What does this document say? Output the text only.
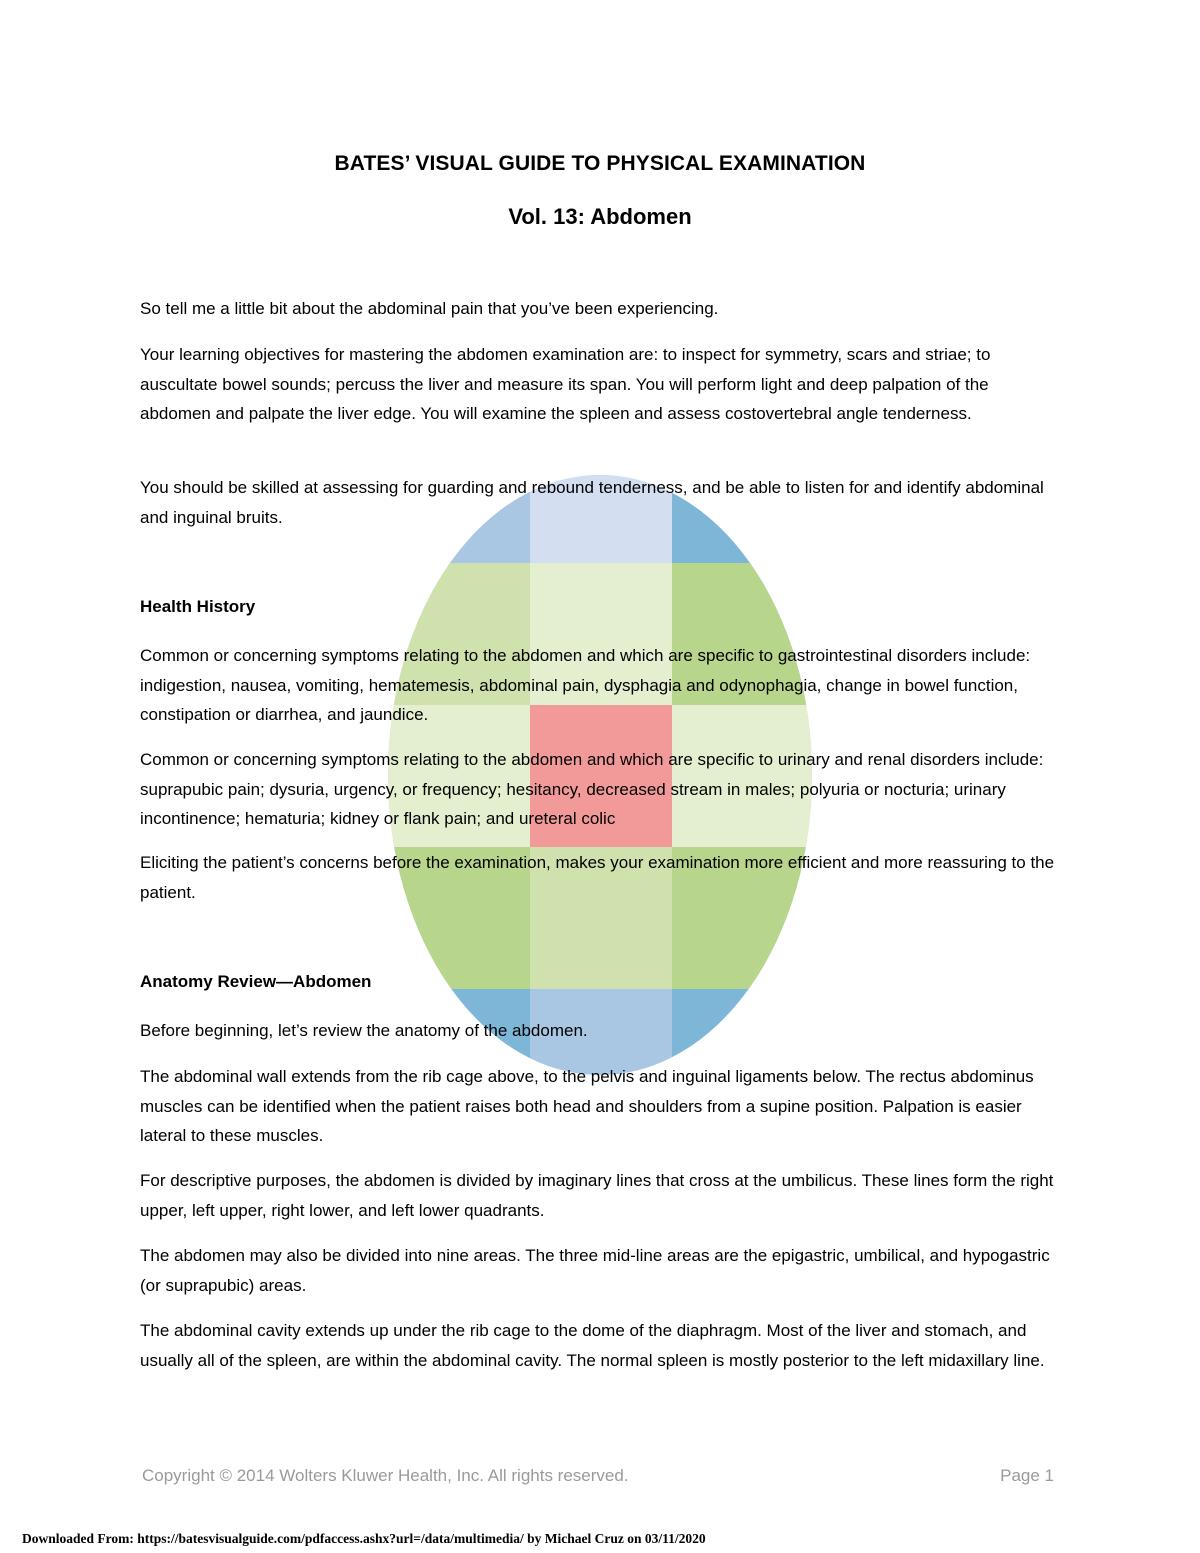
BATES’ VISUAL GUIDE TO PHYSICAL EXAMINATION
Vol. 13: Abdomen

So tell me a little bit about the abdominal pain that you’ve been experiencing.

Your learning objectives for mastering the abdomen examination are: to inspect for symmetry, scars and striae; to auscultate bowel sounds; percuss the liver and measure its span. You will perform light and deep palpation of the abdomen and palpate the liver edge. You will examine the spleen and assess costovertebral angle tenderness.

You should be skilled at assessing for guarding and rebound tenderness, and be able to listen for and identify abdominal and inguinal bruits.

Health History

Common or concerning symptoms relating to the abdomen and which are specific to gastrointestinal disorders include: indigestion, nausea, vomiting, hematemesis, abdominal pain, dysphagia and odynophagia, change in bowel function, constipation or diarrhea, and jaundice.

Common or concerning symptoms relating to the abdomen and which are specific to urinary and renal disorders include: suprapubic pain; dysuria, urgency, or frequency; hesitancy, decreased stream in males; polyuria or nocturia; urinary incontinence; hematuria; kidney or flank pain; and ureteral colic

Eliciting the patient’s concerns before the examination, makes your examination more efficient and more reassuring to the patient.

Anatomy Review—Abdomen

Before beginning, let’s review the anatomy of the abdomen.

The abdominal wall extends from the rib cage above, to the pelvis and inguinal ligaments below. The rectus abdominus muscles can be identified when the patient raises both head and shoulders from a supine position. Palpation is easier lateral to these muscles.

For descriptive purposes, the abdomen is divided by imaginary lines that cross at the umbilicus. These lines form the right upper, left upper, right lower, and left lower quadrants.

The abdomen may also be divided into nine areas. The three mid-line areas are the epigastric, umbilical, and hypogastric (or suprapubic) areas.

The abdominal cavity extends up under the rib cage to the dome of the diaphragm. Most of the liver and stomach, and usually all of the spleen, are within the abdominal cavity. The normal spleen is mostly posterior to the left midaxillary line.

Copyright © 2014 Wolters Kluwer Health, Inc. All rights reserved.	Page 1

Downloaded From: https://batesvisualguide.com/pdfaccess.ashx?url=/data/multimedia/ by Michael Cruz on 03/11/2020
